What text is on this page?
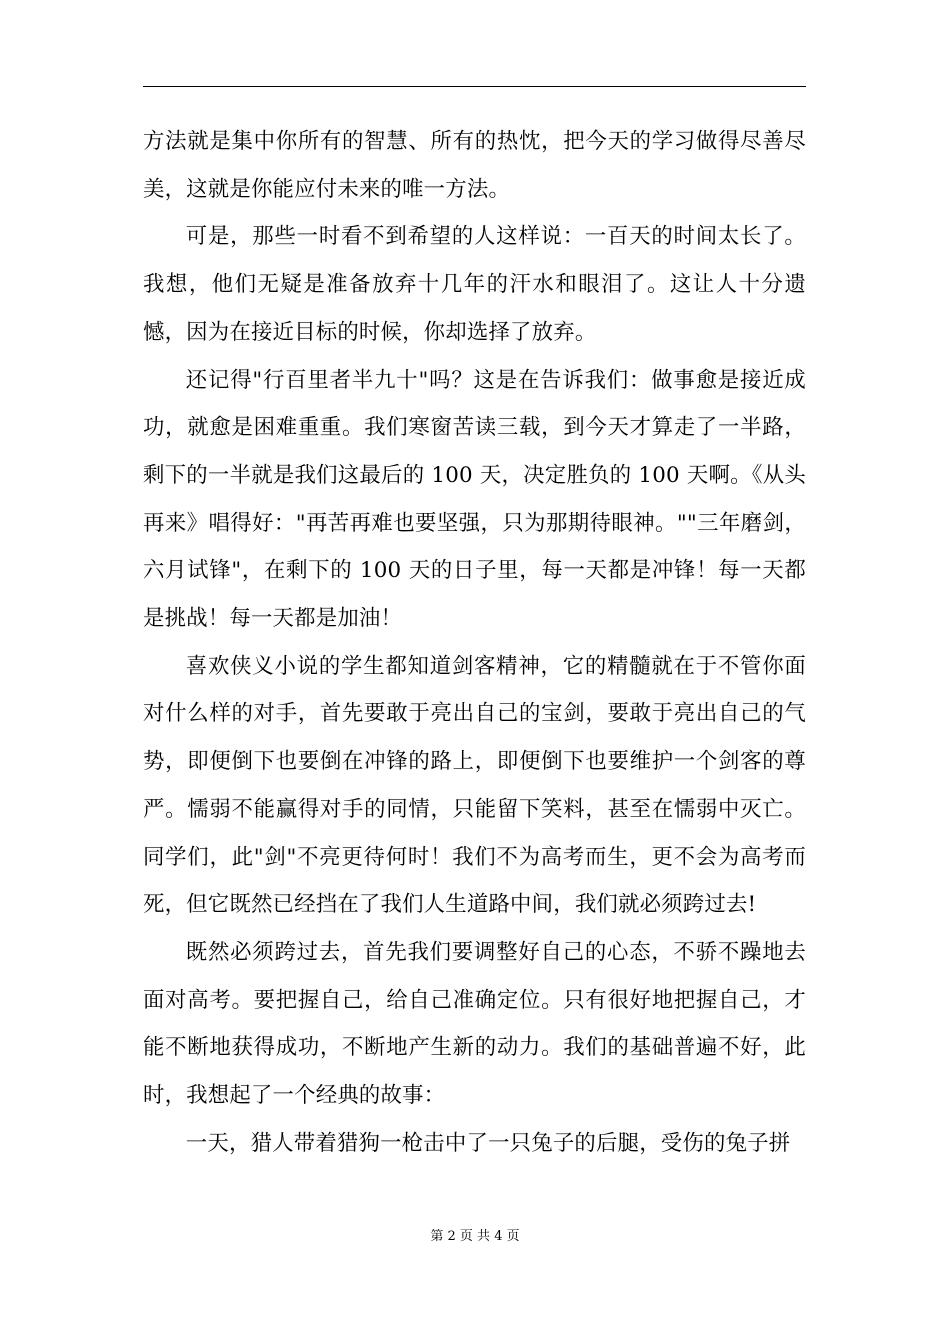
方法就是集中你所有的智慧、所有的热忱，把今天的学习做得尽善尽美，这就是你能应付未来的唯一方法。

可是，那些一时看不到希望的人这样说：一百天的时间太长了。我想，他们无疑是准备放弃十几年的汗水和眼泪了。这让人十分遗憾，因为在接近目标的时候，你却选择了放弃。

还记得"行百里者半九十"吗？这是在告诉我们：做事愈是接近成功，就愈是困难重重。我们寒窗苦读三载，到今天才算走了一半路，剩下的一半就是我们这最后的 100 天，决定胜负的 100 天啊。《从头再来》唱得好："再苦再难也要坚强，只为那期待眼神。""三年磨剑，六月试锋"，在剩下的 100 天的日子里，每一天都是冲锋！每一天都是挑战！每一天都是加油！

喜欢侠义小说的学生都知道剑客精神，它的精髓就在于不管你面对什么样的对手，首先要敢于亮出自己的宝剑，要敢于亮出自己的气势，即便倒下也要倒在冲锋的路上，即便倒下也要维护一个剑客的尊严。懦弱不能赢得对手的同情，只能留下笑料，甚至在懦弱中灭亡。同学们，此"剑"不亮更待何时！我们不为高考而生，更不会为高考而死，但它既然已经挡在了我们人生道路中间，我们就必须跨过去!

既然必须跨过去，首先我们要调整好自己的心态，不骄不躁地去面对高考。要把握自己，给自己准确定位。只有很好地把握自己，才能不断地获得成功，不断地产生新的动力。我们的基础普遍不好，此时，我想起了一个经典的故事：

一天，猎人带着猎狗一枪击中了一只兔子的后腿，受伤的兔子拼

第 2 页 共 4 页
